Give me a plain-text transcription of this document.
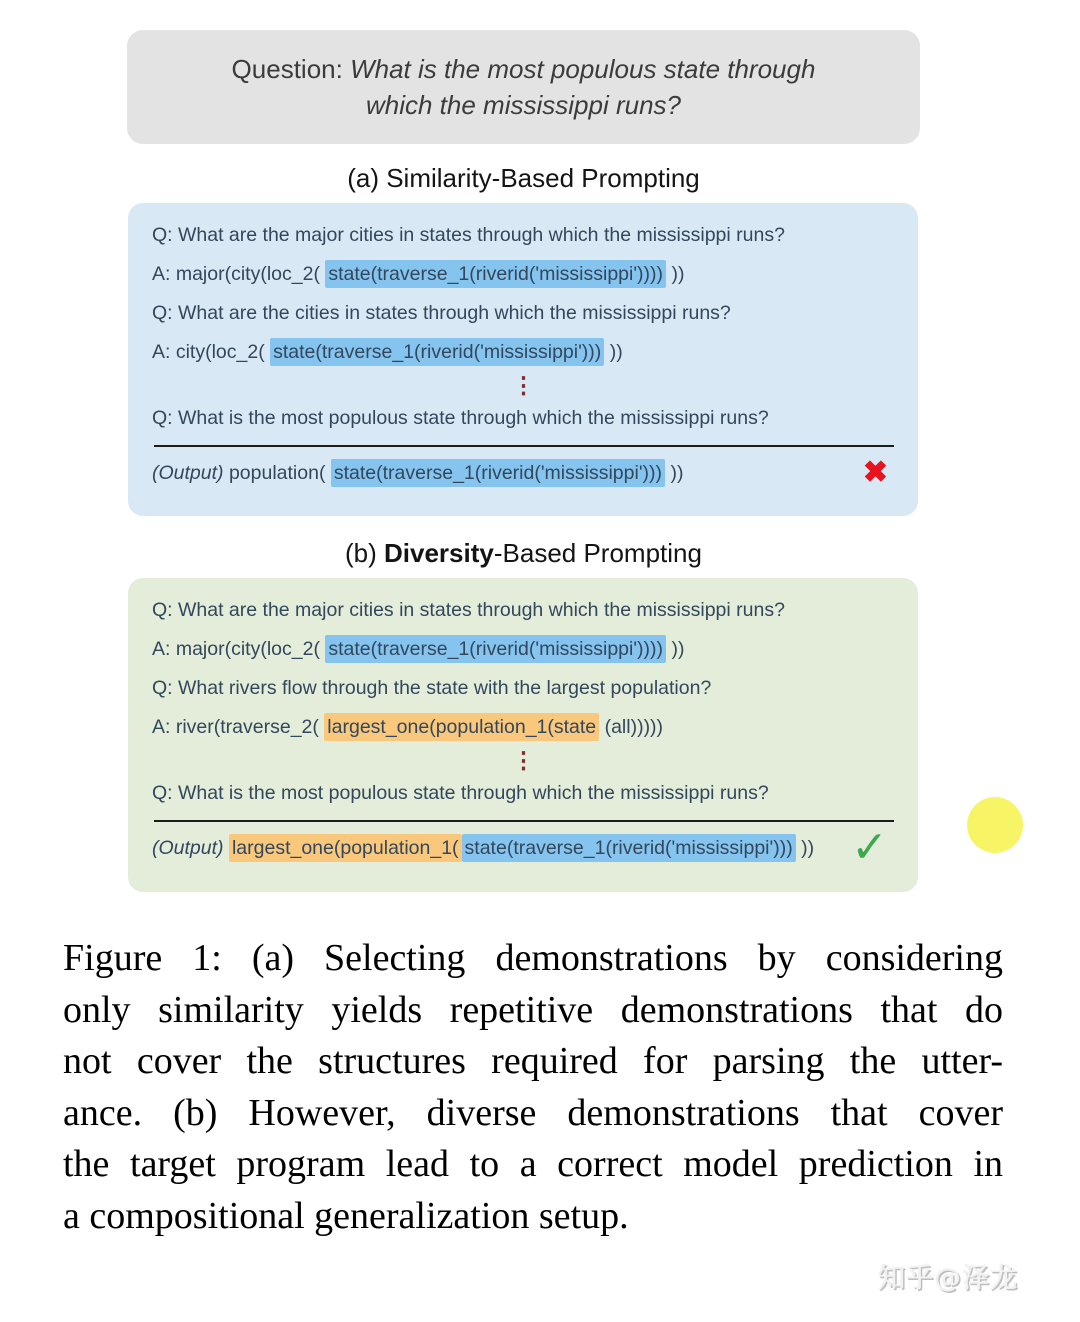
Question: What is the most populous state through which the mississippi runs?
(a) Similarity-Based Prompting
Q: What are the major cities in states through which the mississippi runs?
A: major(city(loc_2( state(traverse_1(riverid('mississippi')))) ))
Q: What are the cities in states through which the mississippi runs?
A: city(loc_2( state(traverse_1(riverid('mississippi'))) ))
⋮
Q: What is the most populous state through which the mississippi runs?
(Output) population( state(traverse_1(riverid('mississippi'))) ))	✖
(b) Diversity-Based Prompting
Q: What are the major cities in states through which the mississippi runs?
A: major(city(loc_2( state(traverse_1(riverid('mississippi')))) ))
Q: What rivers flow through the state with the largest population?
A: river(traverse_2( largest_one(population_1(state (all)))))
⋮
Q: What is the most populous state through which the mississippi runs?
(Output) largest_one(population_1( state(traverse_1(riverid('mississippi'))) )) ✓
Figure 1: (a) Selecting demonstrations by considering
only similarity yields repetitive demonstrations that do
not cover the structures required for parsing the utter-
ance. (b) However, diverse demonstrations that cover
the target program lead to a correct model prediction in
a compositional generalization setup.
知乎@泽龙
